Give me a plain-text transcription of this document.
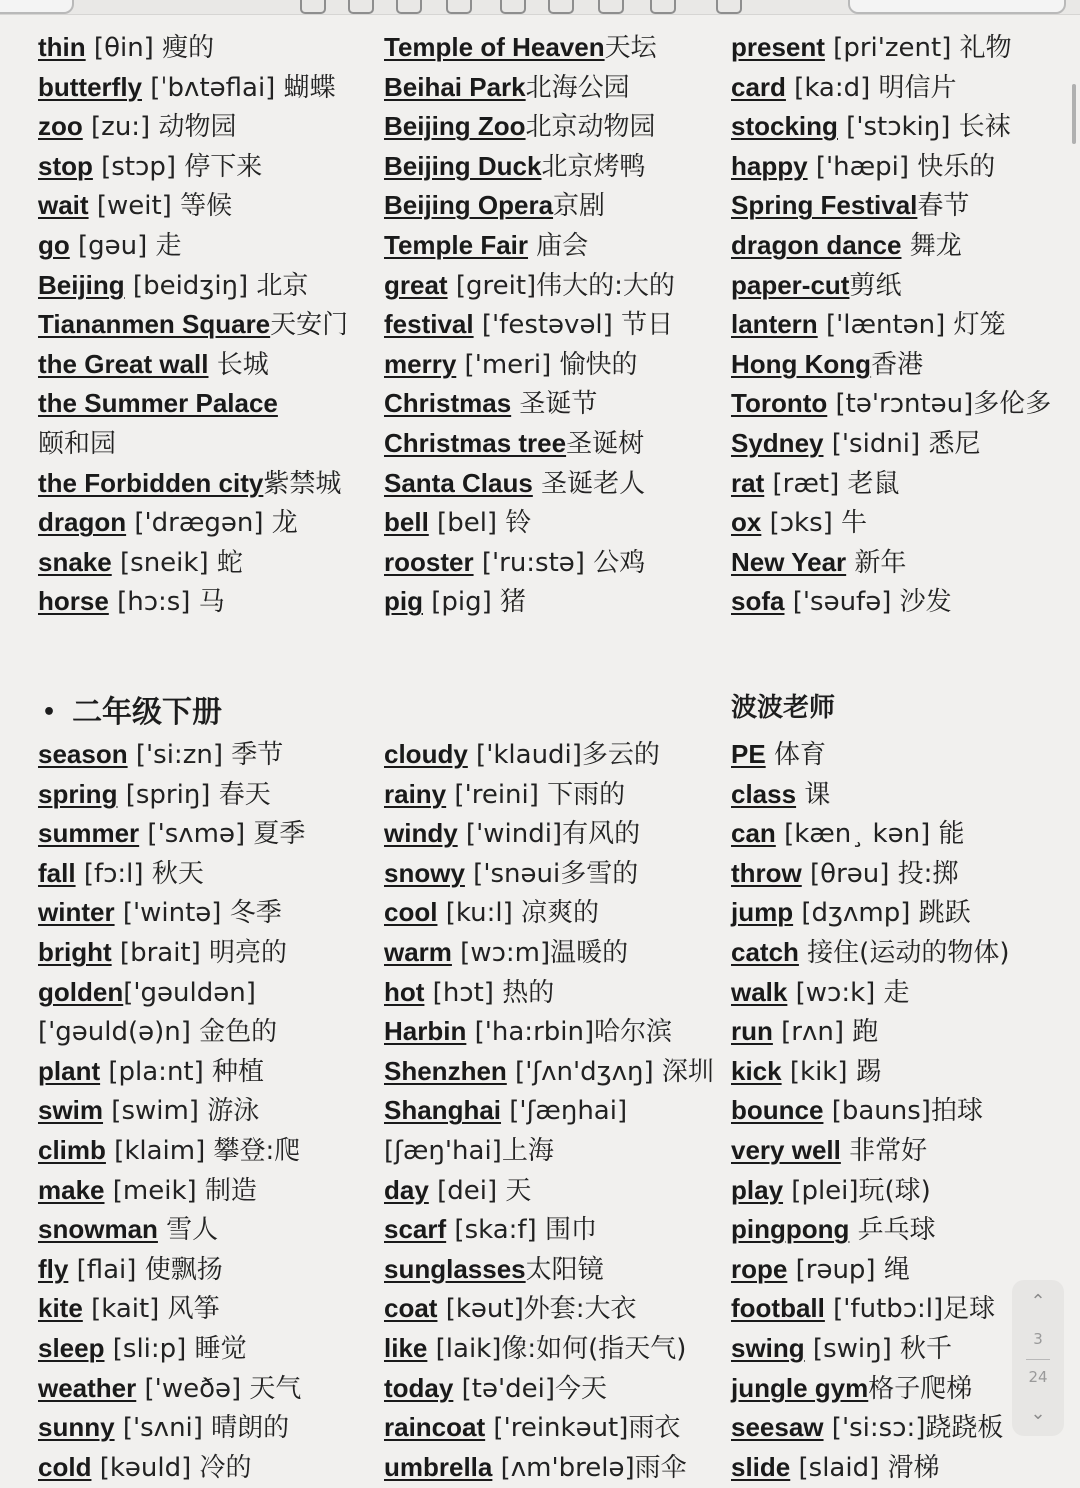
thin [θin] 瘦的
butterfly [ˈbʌtəflai] 蝴蝶
zoo [zu:] 动物园
stop [stɔp] 停下来
wait [weit] 等候
go [gəu] 走
Beijing [beidʒiŋ] 北京
Tiananmen Square天安门
the Great wall 长城
the Summer Palace
颐和园
the Forbidden city紫禁城
dragon ['drægən] 龙
snake [sneik] 蛇
horse [hɔ:s] 马
Temple of Heaven天坛
Beihai Park北海公园
Beijing Zoo北京动物园
Beijing Duck北京烤鸭
Beijing Opera京剧
Temple Fair 庙会
great [greit]伟大的:大的
festival ['festəvəl] 节日
merry ['meri] 愉快的
Christmas 圣诞节
Christmas tree圣诞树
Santa Claus 圣诞老人
bell [bel] 铃
rooster ['ru:stə] 公鸡
pig [pig] 猪
present [pri'zent] 礼物
card [ka:d] 明信片
stocking ['stɔkiŋ] 长袜
happy ['hæpi] 快乐的
Spring Festival春节
dragon dance 舞龙
paper-cut剪纸
lantern ['læntən] 灯笼
Hong Kong香港
Toronto [tə'rɔntəu]多伦多
Sydney ['sidni] 悉尼
rat [ræt] 老鼠
ox [ɔks] 牛
New Year 新年
sofa ['səufə] 沙发
• 二年级下册
season ['si:zn] 季节
spring [spriŋ] 春天
summer ['sʌmə] 夏季
fall [fɔ:l] 秋天
winter ['wintə] 冬季
bright [brait] 明亮的
golden['gəuldən]
['gəuld(ə)n] 金色的
plant [pla:nt] 种植
swim [swim] 游泳
climb [klaim] 攀登:爬
make [meik] 制造
snowman 雪人
fly [flai] 使飘扬
kite [kait] 风筝
sleep [sli:p] 睡觉
weather ['weðə] 天气
sunny ['sʌni] 晴朗的
cold [kəuld] 冷的
cloudy ['klaudi]多云的
rainy ['reini] 下雨的
windy ['windi]有风的
snowy ['snəui多雪的
cool [ku:l] 凉爽的
warm [wɔ:m]温暖的
hot [hɔt] 热的
Harbin ['ha:rbin]哈尔滨
Shenzhen ['ʃʌn'dʒʌŋ] 深圳
Shanghai ['ʃæŋhai]
[ʃæŋ'hai]上海
day [dei] 天
scarf [ska:f] 围巾
sunglasses太阳镜
coat [kəut]外套:大衣
like [laik]像:如何(指天气)
today [tə'dei]今天
raincoat ['reinkəut]雨衣
umbrella [ʌm'brelə]雨伞
波波老师
PE 体育
class 课
can [kæn¸ kən] 能
throw [θrəu] 投:掷
jump [dʒʌmp] 跳跃
catch 接住(运动的物体)
walk [wɔ:k] 走
run [rʌn] 跑
kick [kik] 踢
bounce [bauns]拍球
very well 非常好
play [plei]玩(球)
pingpong 乒乓球
rope [rəup] 绳
football ['futbɔ:l]足球
swing [swiŋ] 秋千
jungle gym格子爬梯
seesaw ['si:sɔ:]跷跷板
slide [slaid] 滑梯
⌃
3
24
⌄
